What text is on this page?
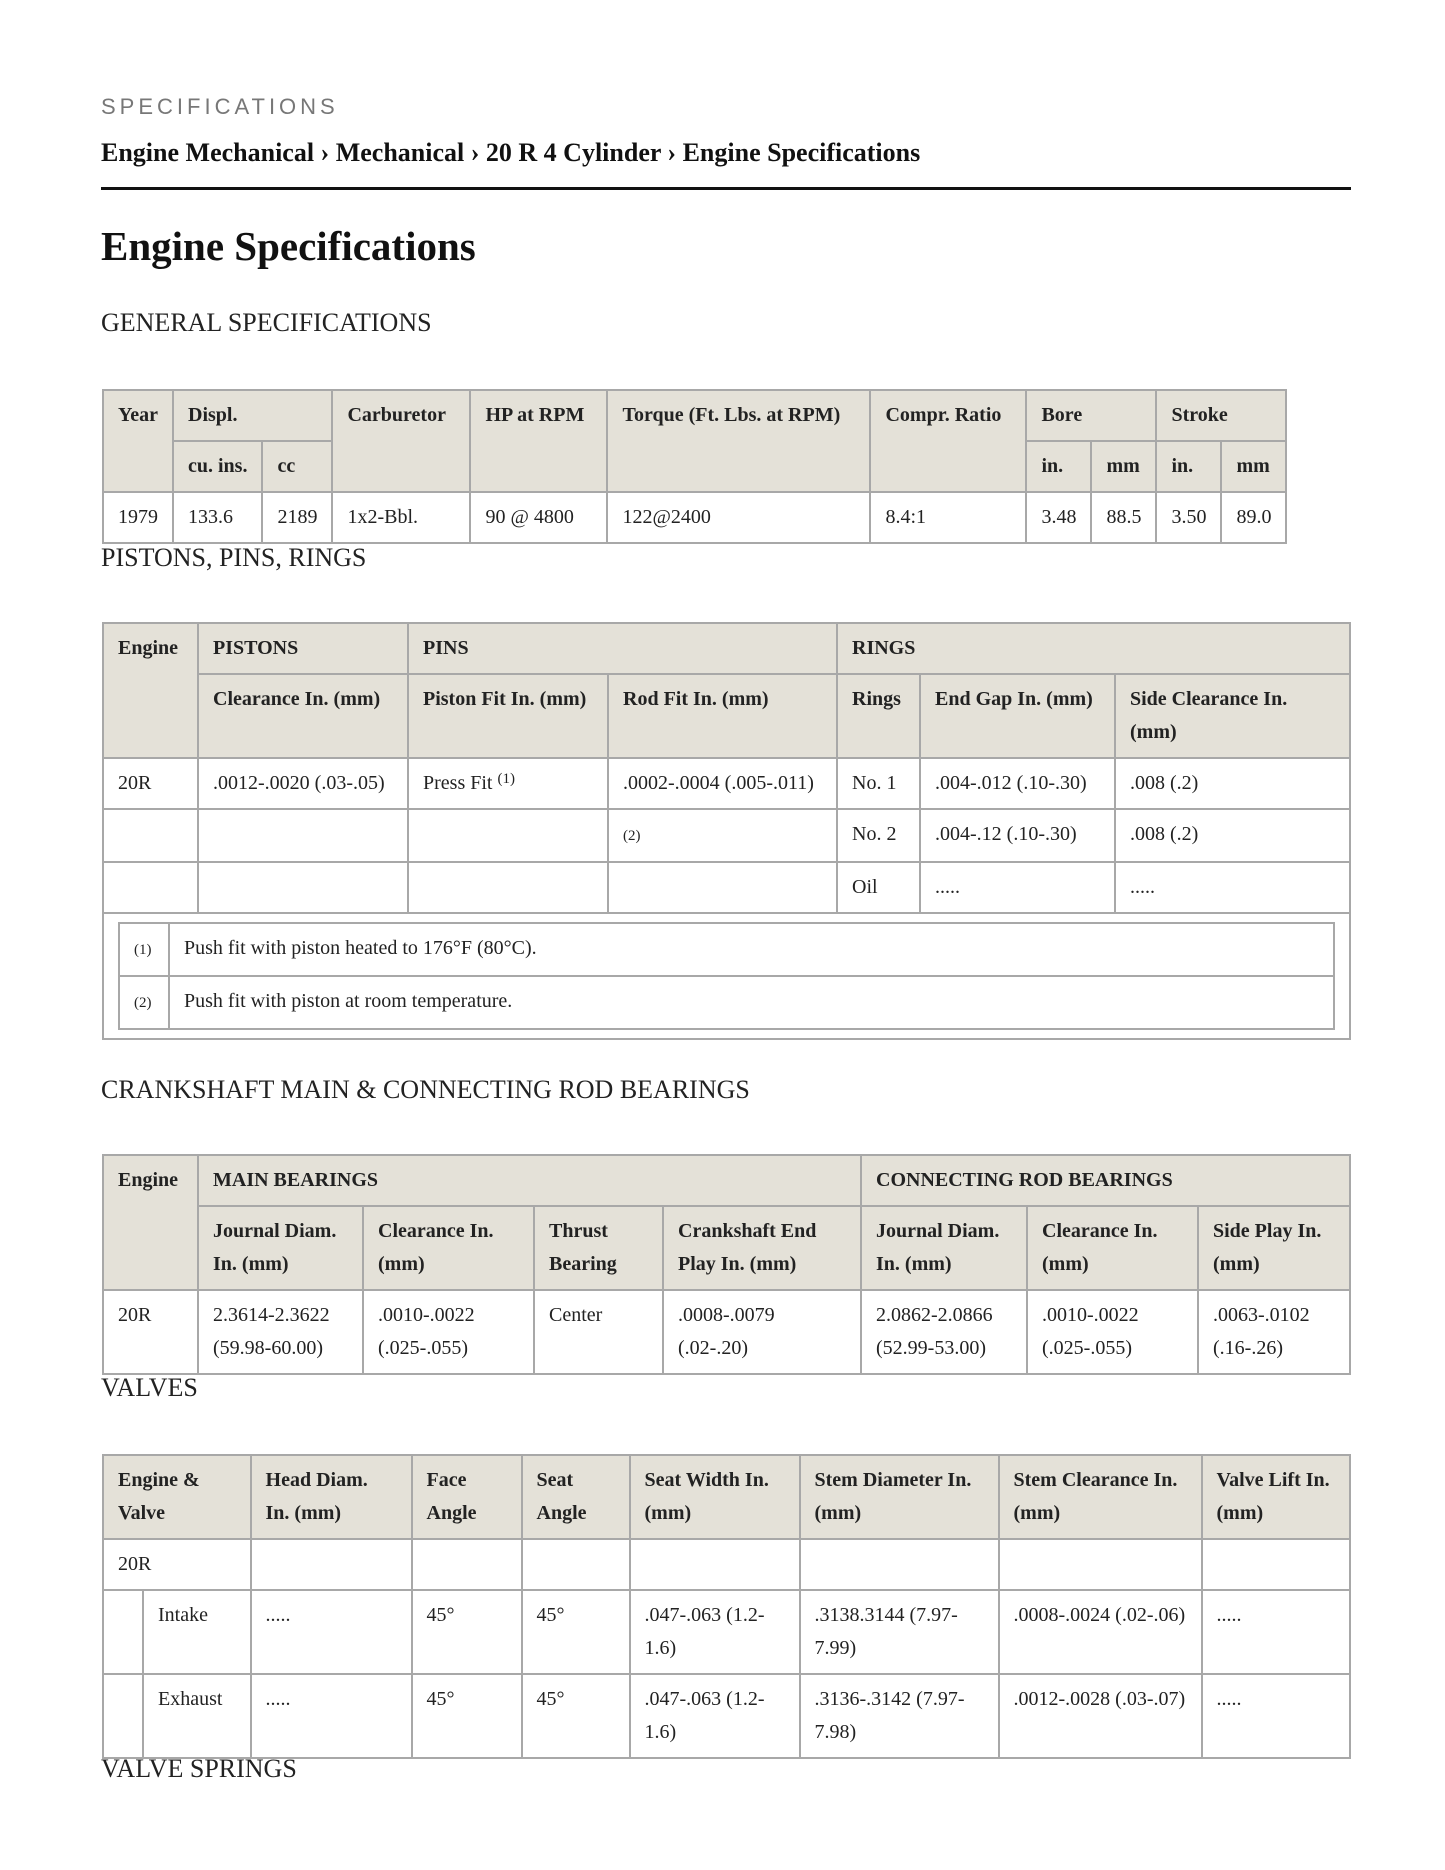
SPECIFICATIONS
Engine Mechanical › Mechanical › 20 R 4 Cylinder › Engine Specifications
Engine Specifications
GENERAL SPECIFICATIONS
Year	Displ.		Carburetor	HP at RPM	Torque (Ft. Lbs. at RPM)	Compr. Ratio	Bore		Stroke	
	cu. ins.	cc					in.	mm	in.	mm
1979	133.6	2189	1x2-Bbl.	90 @ 4800	122@2400	8.4:1	3.48	88.5	3.50	89.0
PISTONS, PINS, RINGS
Engine	PISTONS	PINS	RINGS
Clearance In. (mm)	Piston Fit In. (mm)	Rod Fit In. (mm)	Rings	End Gap In. (mm)	Side Clearance In. (mm)
20R	.0012-.0020 (.03-.05)	Press Fit $^{(1)}$	.0002-.0004 (.005-.011)	No. 1	.004-.012 (.10-.30)	.008 (.2)
			(2)	No. 2	.004-.12 (.10-.30)	.008 (.2)
				Oil	.....	.....

(1)	Push fit with piston heated to 176°F (80°C).
(2)	Push fit with piston at room temperature.
CRANKSHAFT MAIN & CONNECTING ROD BEARINGS
Engine	MAIN BEARINGS				CONNECTING ROD BEARINGS		
	Journal Diam. In. (mm)	Clearance In. (mm)	Thrust Bearing	Crankshaft End Play In. (mm)	Journal Diam. In. (mm)	Clearance In. (mm)	Side Play In. (mm)
20R	2.3614-2.3622 (59.98-60.00)	.0010-.0022 (.025-.055)	Center	.0008-.0079 (.02-.20)	2.0862-2.0866 (52.99-53.00)	.0010-.0022 (.025-.055)	.0063-.0102 (.16-.26)
VALVES
Engine & Valve		Head Diam. In. (mm)	Face Angle	Seat Angle	Seat Width In. (mm)	Stem Diameter In. (mm)	Stem Clearance In. (mm)	Valve Lift In. (mm)
20R								
	Intake	.....	45°	45°	.047-.063 (1.2-1.6)	.3138.3144 (7.97-7.99)	.0008-.0024 (.02-.06)	.....
	Exhaust	.....	45°	45°	.047-.063 (1.2-1.6)	.3136-.3142 (7.97-7.98)	.0012-.0028 (.03-.07)	.....
VALVE SPRINGS
